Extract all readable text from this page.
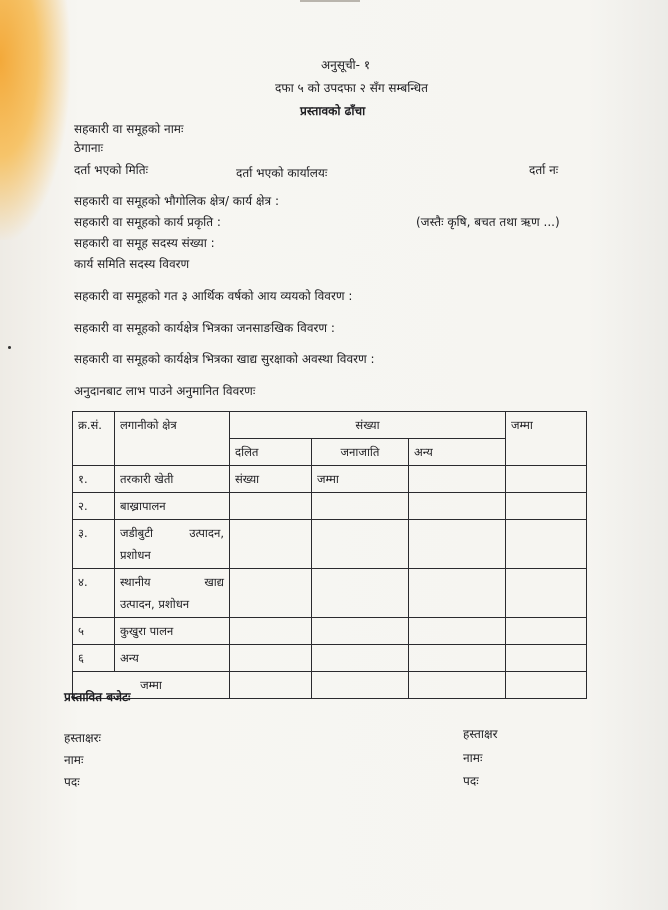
अनुसूची- १
दफा ५ को उपदफा २ सँग सम्बन्धित
प्रस्तावको ढाँचा
सहकारी वा समूहको नामः
ठेगानाः
दर्ता भएको मितिः	दर्ता भएको कार्यालयः	दर्ता नः
सहकारी वा समूहको भौगोलिक क्षेत्र/ कार्य क्षेत्र :
सहकारी वा समूहको कार्य प्रकृति :	(जस्तैः कृषि, बचत तथा ऋण ...)
सहकारी वा समूह सदस्य संख्या :
कार्य समिति सदस्य विवरण
सहकारी वा समूहको गत ३ आर्थिक वर्षको आय व्ययको विवरण :
सहकारी वा समूहको कार्यक्षेत्र भित्रका जनसाङखिक विवरण :
सहकारी वा समूहको कार्यक्षेत्र भित्रका खाद्य सुरक्षाको अवस्था विवरण :
अनुदानबाट लाभ पाउने अनुमानित विवरणः
क्र.सं.	लगानीको क्षेत्र	संख्या			जम्मा
		दलित	जनाजाति	अन्य	
१.	तरकारी खेती	संख्या	जम्मा		
२.	बाख्रापालन				
३.	जडीबुटी उत्पादन,
प्रशोधन				

४.	स्थानीय खाद्य
उत्पादन, प्रशोधन				

५	कुखुरा पालन				
६	अन्य				
जम्मा					
प्रस्तावित बजेटः
हस्ताक्षरः
नामः
पदः
हस्ताक्षर
नामः
पदः
